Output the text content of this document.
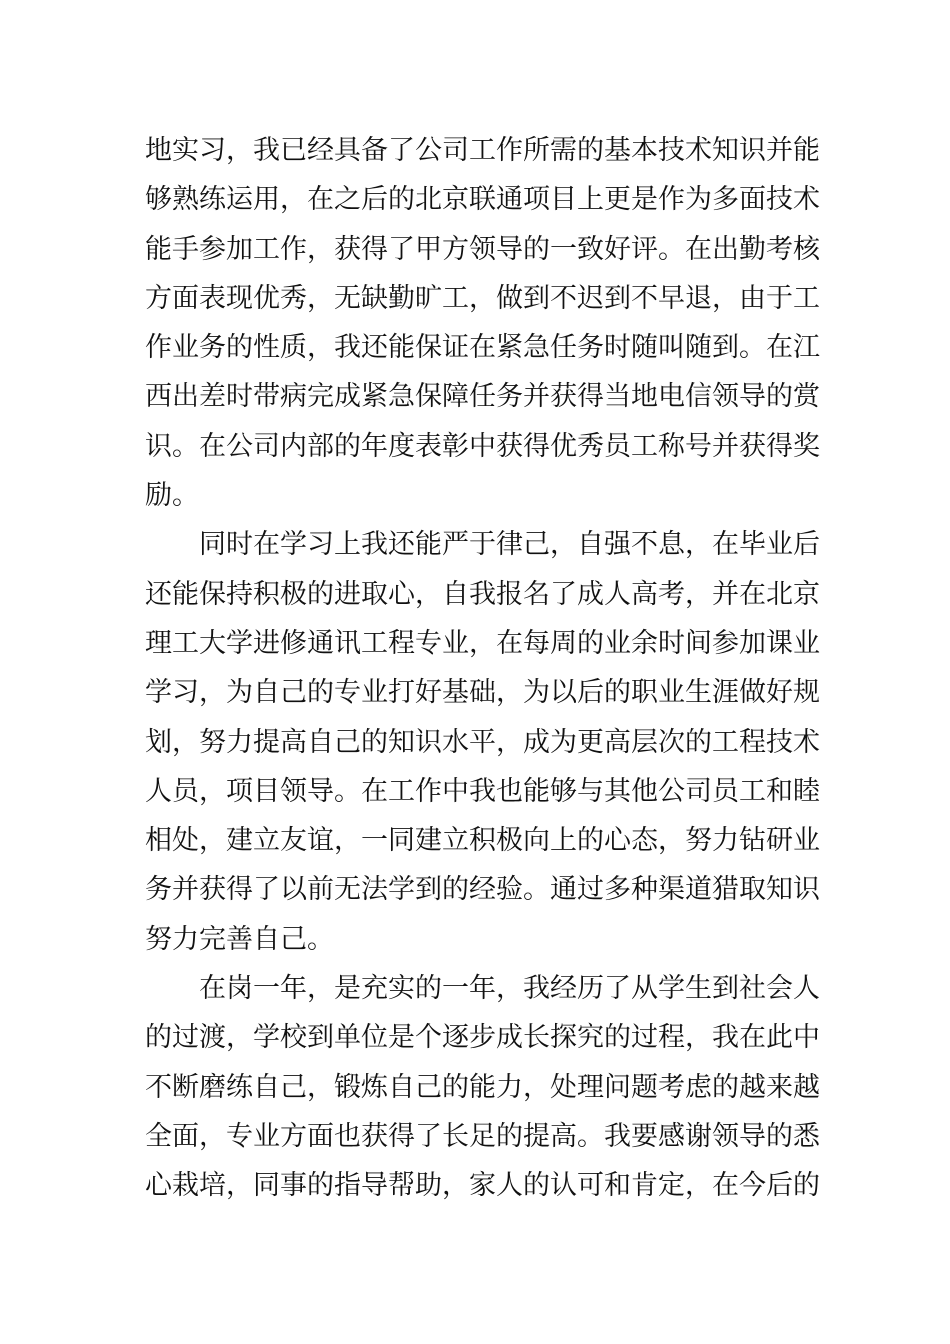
地实习，我已经具备了公司工作所需的基本技术知识并能
够熟练运用，在之后的北京联通项目上更是作为多面技术
能手参加工作，获得了甲方领导的一致好评。在出勤考核
方面表现优秀，无缺勤旷工，做到不迟到不早退，由于工
作业务的性质，我还能保证在紧急任务时随叫随到。在江
西出差时带病完成紧急保障任务并获得当地电信领导的赏
识。在公司内部的年度表彰中获得优秀员工称号并获得奖
励。
同时在学习上我还能严于律己，自强不息，在毕业后
还能保持积极的进取心，自我报名了成人高考，并在北京
理工大学进修通讯工程专业，在每周的业余时间参加课业
学习，为自己的专业打好基础，为以后的职业生涯做好规
划，努力提高自己的知识水平，成为更高层次的工程技术
人员，项目领导。在工作中我也能够与其他公司员工和睦
相处，建立友谊，一同建立积极向上的心态，努力钻研业
务并获得了以前无法学到的经验。通过多种渠道猎取知识
努力完善自己。
在岗一年，是充实的一年，我经历了从学生到社会人
的过渡，学校到单位是个逐步成长探究的过程，我在此中
不断磨练自己，锻炼自己的能力，处理问题考虑的越来越
全面，专业方面也获得了长足的提高。我要感谢领导的悉
心栽培，同事的指导帮助，家人的认可和肯定，在今后的
